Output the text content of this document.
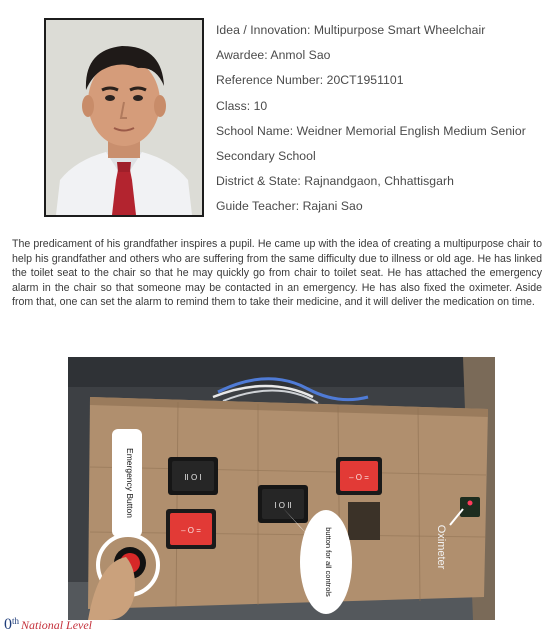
Idea / Innovation: Multipurpose Smart Wheelchair
Awardee: Anmol Sao
Reference Number: 20CT1951101
Class: 10
School Name: Weidner Memorial English Medium Senior
Secondary School
District & State: Rajnandgaon, Chhattisgarh
Guide Teacher: Rajani Sao
The predicament of his grandfather inspires a pupil. He came up with the idea of creating a multipurpose chair to help his grandfather and others who are suffering from the same difficulty due to illness or old age. He has linked the toilet seat to the chair so that he may quickly go from chair to toilet seat. He has attached the emergency alarm in the chair so that someone may be contacted in an emergency. He has also fixed the oximeter. Aside from that, one can set the alarm to remind them to take their medicine, and it will deliver the medication on time.
II O I
I O II
– O =
– O =	button for all controls
Emergency Button
Oximeter
0th National Level
